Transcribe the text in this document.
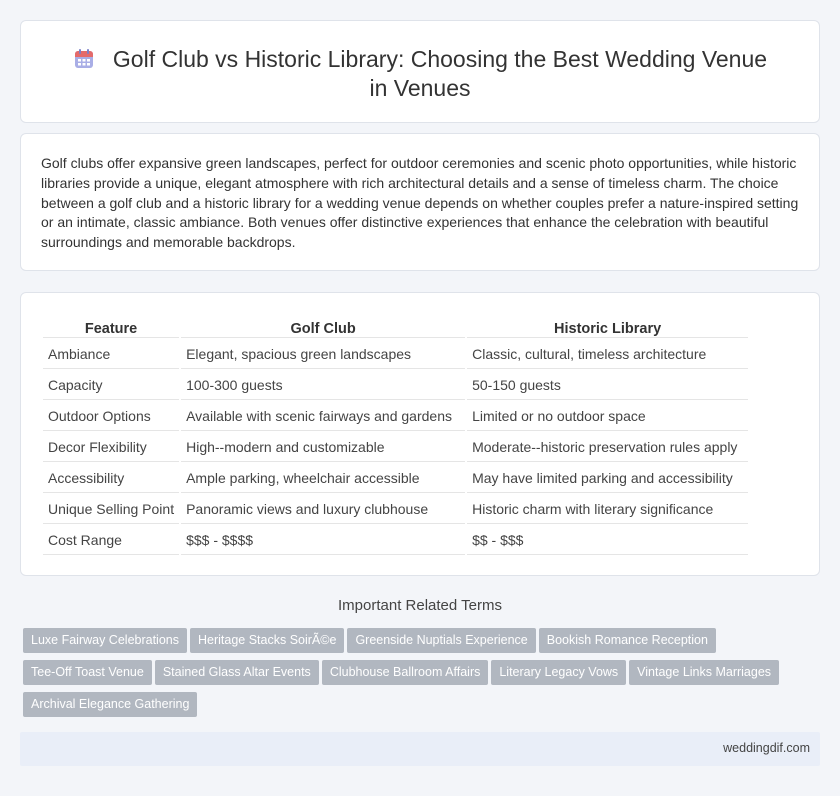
Golf Club vs Historic Library: Choosing the Best Wedding Venue in Venues

Golf clubs offer expansive green landscapes, perfect for outdoor ceremonies and scenic photo opportunities, while historic libraries provide a unique, elegant atmosphere with rich architectural details and a sense of timeless charm. The choice between a golf club and a historic library for a wedding venue depends on whether couples prefer a nature-inspired setting or an intimate, classic ambiance. Both venues offer distinctive experiences that enhance the celebration with beautiful surroundings and memorable backdrops.

Feature	Golf Club	Historic Library
Ambiance	Elegant, spacious green landscapes	Classic, cultural, timeless architecture
Capacity	100-300 guests	50-150 guests
Outdoor Options	Available with scenic fairways and gardens	Limited or no outdoor space
Decor Flexibility	High--modern and customizable	Moderate--historic preservation rules apply
Accessibility	Ample parking, wheelchair accessible	May have limited parking and accessibility
Unique Selling Point	Panoramic views and luxury clubhouse	Historic charm with literary significance
Cost Range	$$$ - $$$$	$$ - $$$
Important Related Terms
Luxe Fairway Celebrations Heritage Stacks SoirÃ©e Greenside Nuptials Experience Bookish Romance Reception
Tee-Off Toast Venue Stained Glass Altar Events Clubhouse Ballroom Affairs Literary Legacy Vows Vintage Links Marriages
Archival Elegance Gathering
weddingdif.com
